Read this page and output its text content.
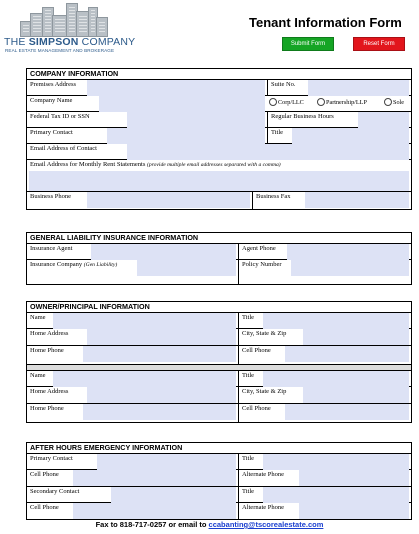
THE SIMPSON COMPANY
REAL ESTATE MANAGEMENT AND BROKERAGE
Tenant Information Form
Submit Form	Reset Form
COMPANY INFORMATION
Premises Address	Suite No.
Company Name	Corp/LLC	Partnership/LLP	Sole
Federal Tax ID or SSN	Regular Business Hours
Primary Contact	Title
Email Address of Contact
Email Address for Monthly Rent Statements (provide multiple email addresses separated with a comma)
Business Phone	Business Fax
GENERAL LIABILITY INSURANCE INFORMATION
Insurance Agent	Agent Phone
Insurance Company (Gen Liability)	Policy Number
OWNER/PRINCIPAL INFORMATION
Name	Title
Home Address	City, State & Zip
Home Phone	Cell Phone
Name	Title
Home Address	City, State & Zip
Home Phone	Cell Phone
AFTER HOURS EMERGENCY INFORMATION
Primary Contact	Title
Cell Phone	Alternate Phone
Secondary Contact	Title
Cell Phone	Alternate Phone
Fax to 818-717-0257 or email to ccabanting@tscorealestate.com
